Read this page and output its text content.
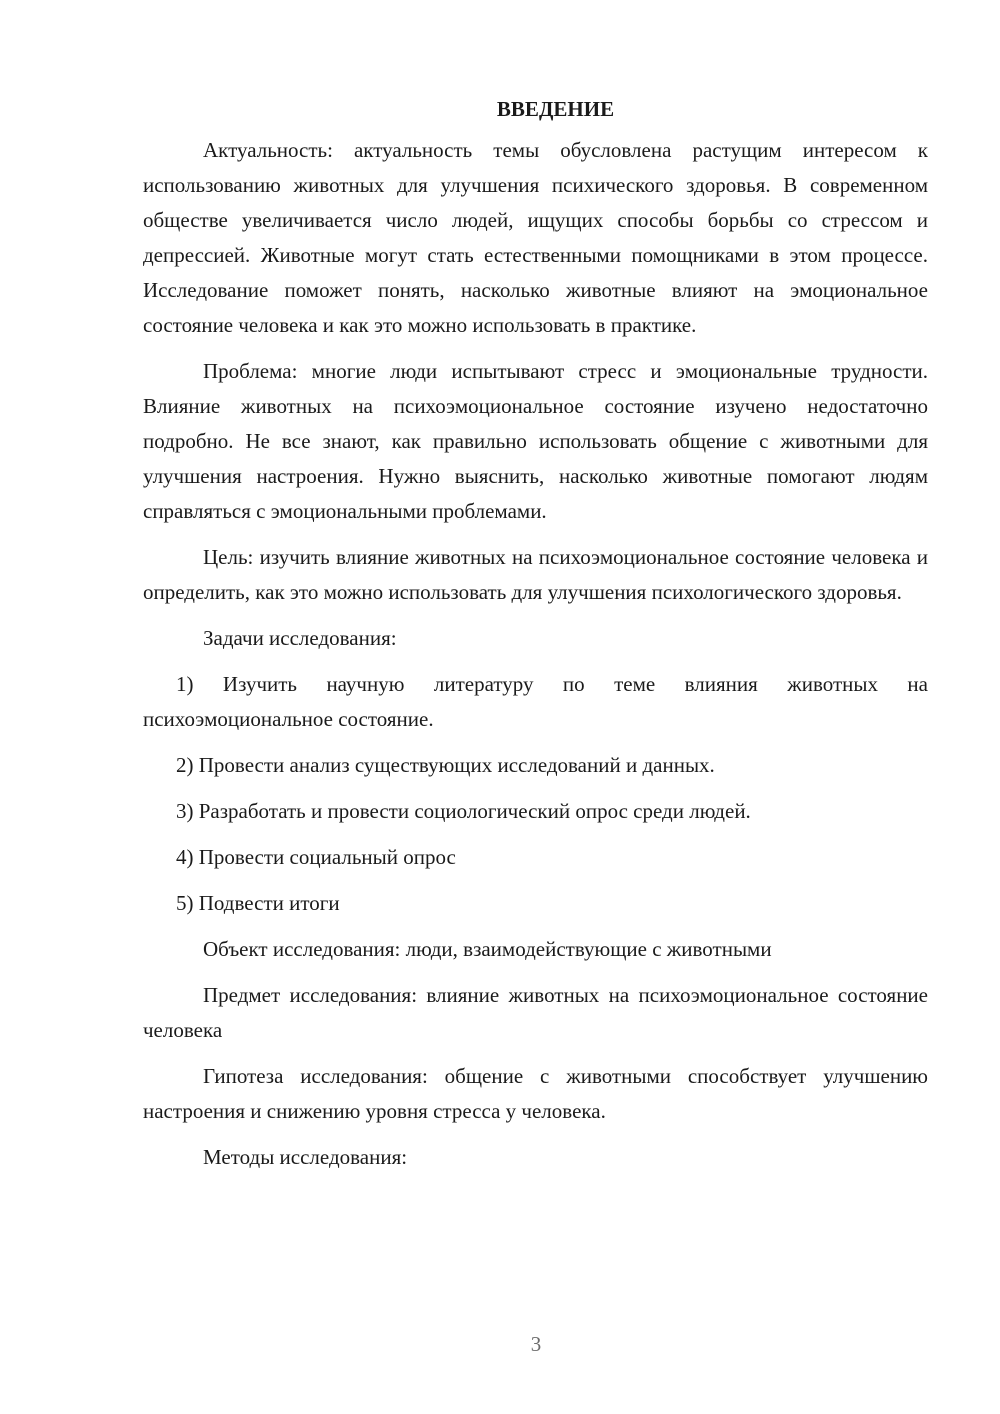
ВВЕДЕНИЕ

Актуальность: актуальность темы обусловлена растущим интересом к использованию животных для улучшения психического здоровья. В современном обществе увеличивается число людей, ищущих способы борьбы со стрессом и депрессией. Животные могут стать естественными помощниками в этом процессе. Исследование поможет понять, насколько животные влияют на эмоциональное состояние человека и как это можно использовать в практике.

Проблема: многие люди испытывают стресс и эмоциональные трудности. Влияние животных на психоэмоциональное состояние изучено недостаточно подробно. Не все знают, как правильно использовать общение с животными для улучшения настроения. Нужно выяснить, насколько животные помогают людям справляться с эмоциональными проблемами.

Цель: изучить влияние животных на психоэмоциональное состояние человека и определить, как это можно использовать для улучшения психологического здоровья.

Задачи исследования:

1) Изучить научную литературу по теме влияния животных на психоэмоциональное состояние.

2) Провести анализ существующих исследований и данных.

3) Разработать и провести социологический опрос среди людей.

4) Провести социальный опрос

5) Подвести итоги

Объект исследования: люди, взаимодействующие с животными

Предмет исследования: влияние животных на психоэмоциональное состояние человека

Гипотеза исследования: общение с животными способствует улучшению настроения и снижению уровня стресса у человека.

Методы исследования:

3
